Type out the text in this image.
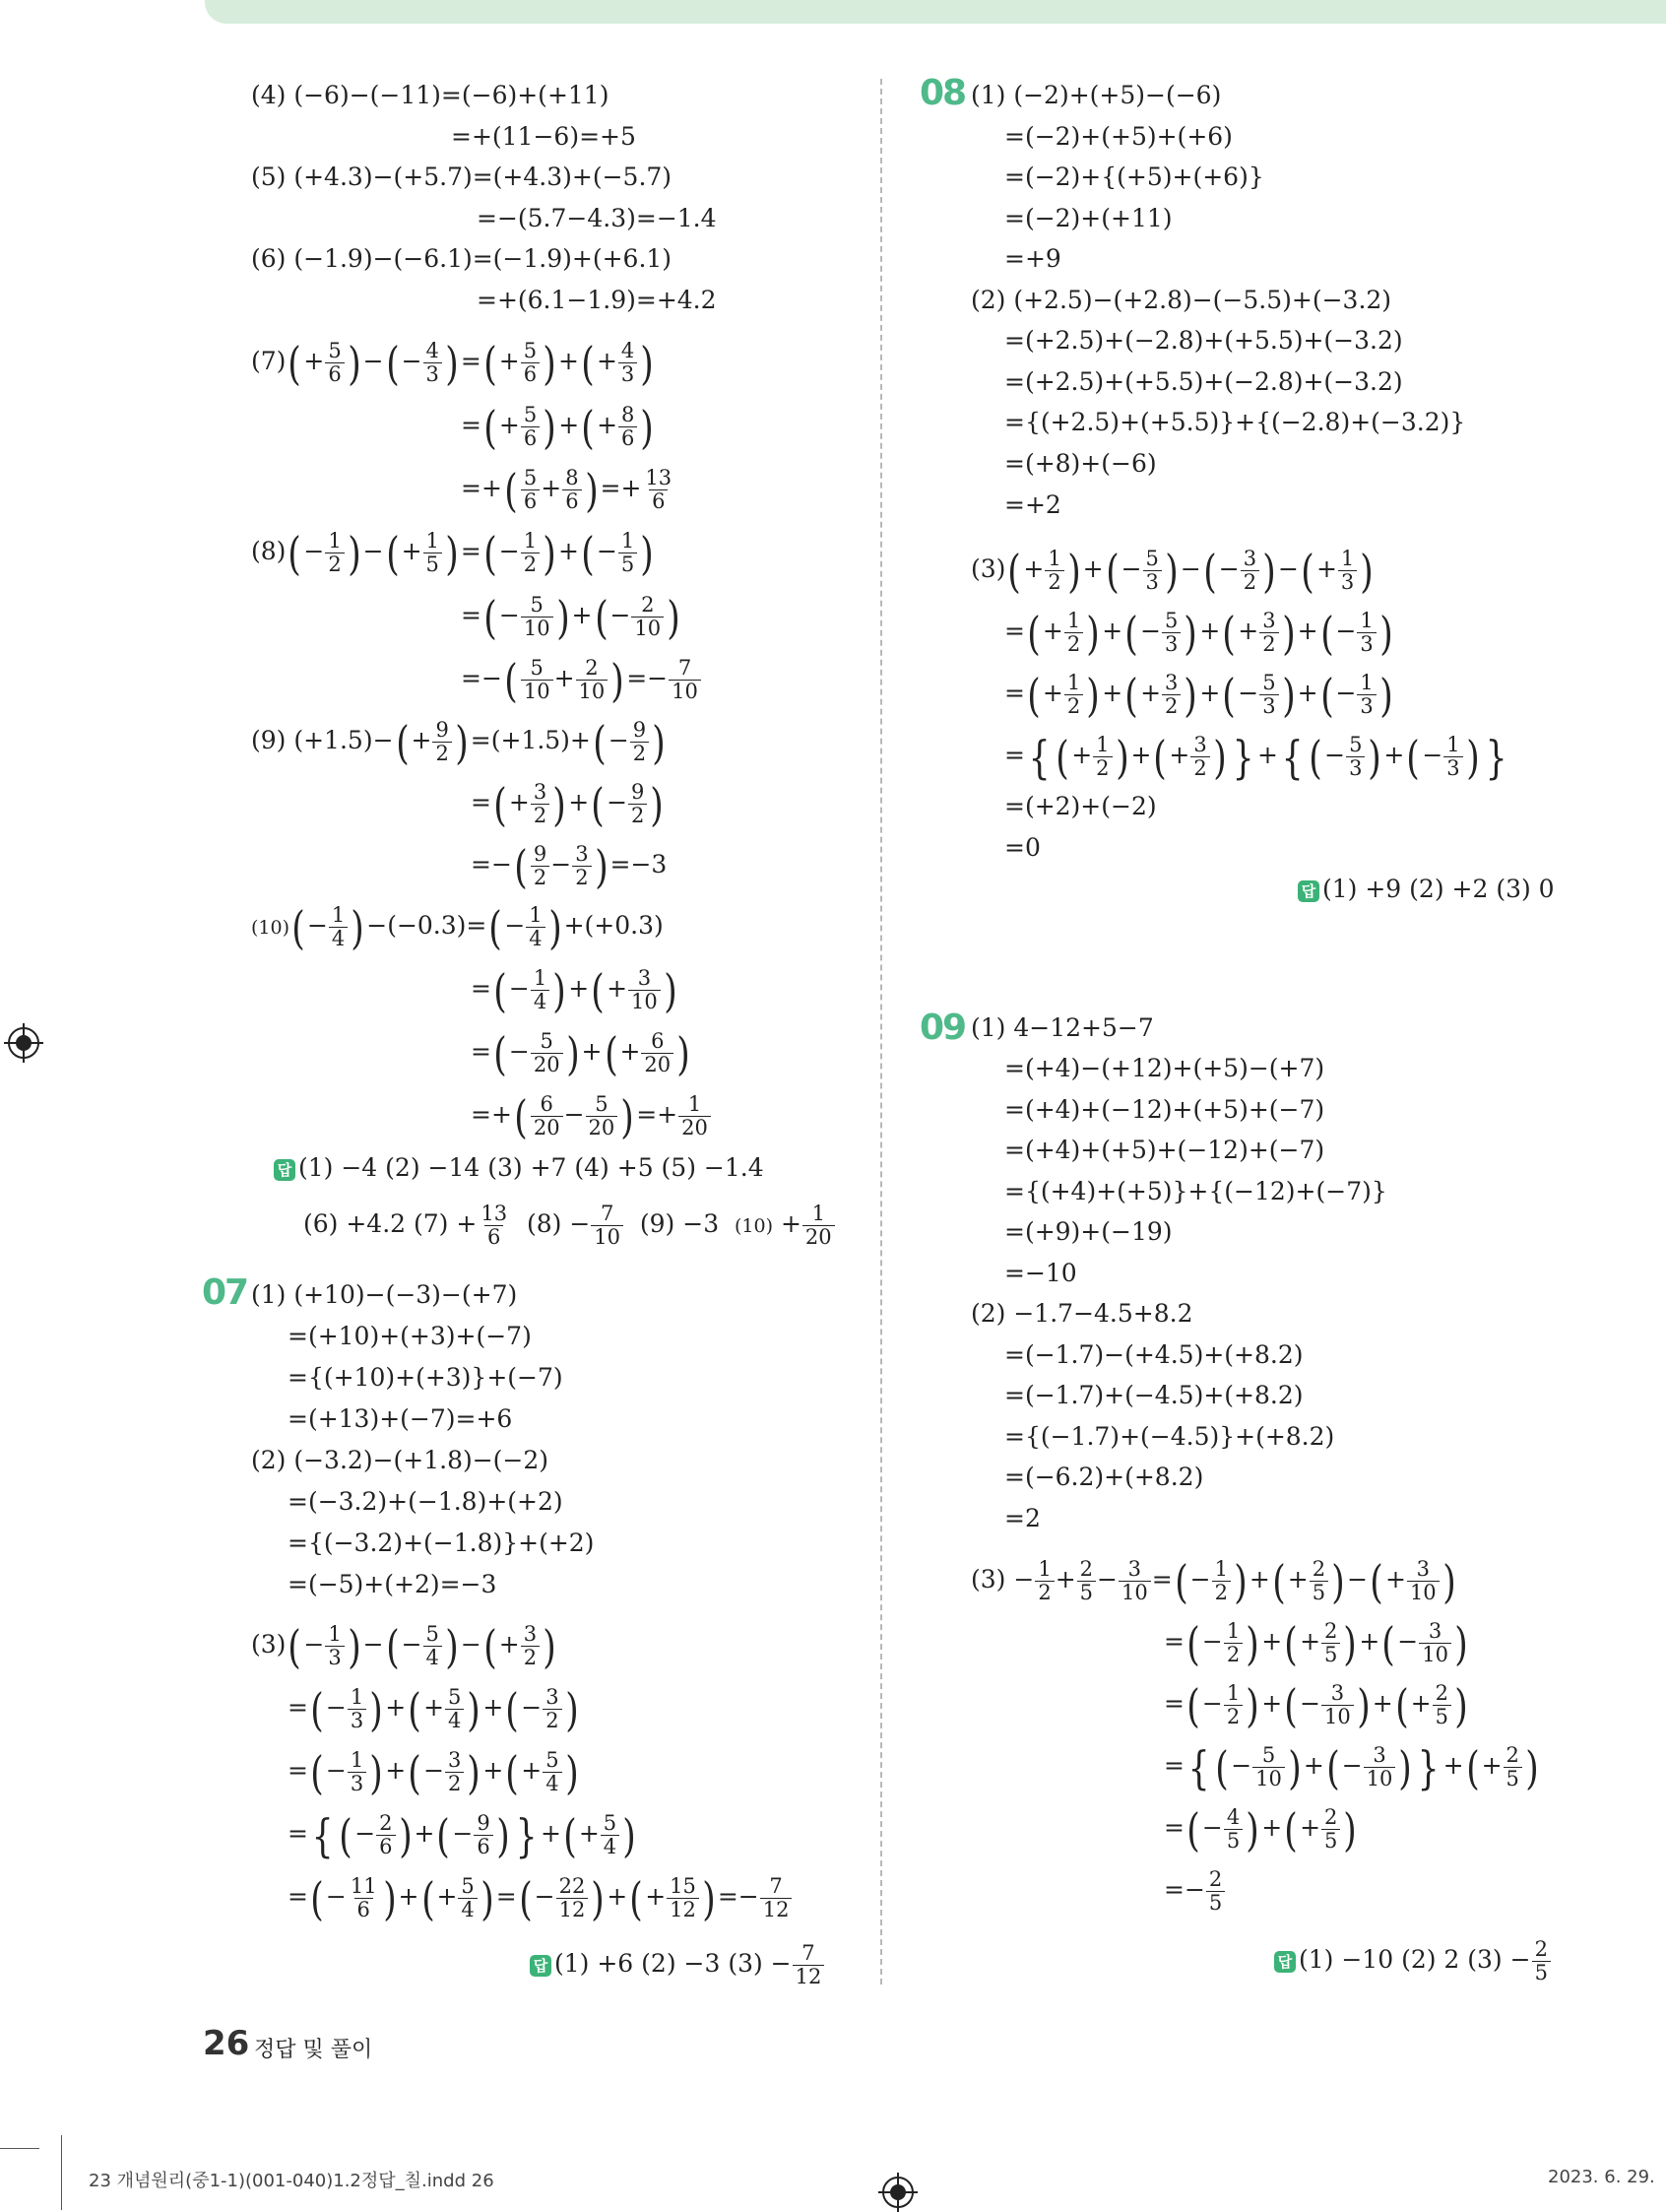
(4) (−6)−(−11)=(−6)+(+11)
=+(11−6)=+5
(5) (+4.3)−(+5.7)=(+4.3)+(−5.7)
=−(5.7−4.3)=−1.4
(6) (−1.9)−(−6.1)=(−1.9)+(+6.1)
=+(6.1−1.9)=+4.2
$(7)(+ \frac{5}{6}$ )−(− $\frac{4}{3}$ )=(+ $\frac{5}{6}$ )+(+ $\frac{4}{3}$ )
=(+ $\frac{5}{6}$ )+(+ $\frac{8}{6}$ )
=+( $\frac{5}{6} + \frac{8}{6}$ )=+ $\frac{13}{6}$
$(8)(- \frac{1}{2}$ )−(+ $\frac{1}{5}$ )=(− $\frac{1}{2}$ )+(− $\frac{1}{5}$ )
=(− $\frac{5}{10}$ )+(− $\frac{2}{10}$ )
=−( $\frac{5}{10} + \frac{2}{10}$ )=− $\frac{7}{10}$
(9) $(+1.5)-(+ \frac{9}{2} )=(+1.5)+(- \frac{9}{2}$ )
=(+ $\frac{3}{2}$ )+(− $\frac{9}{2}$ )
=−( $\frac{9}{2} - \frac{3}{2} )=-3$
$(10)(- \frac{1}{4} )-(-0.3)=(- \frac{1}{4} )+(+0.3)$
=(− $\frac{1}{4}$ )+(+ $\frac{3}{10}$ )
=(− $\frac{5}{20}$ )+(+ $\frac{6}{20}$ )
=+( $\frac{6}{20} - \frac{5}{20}$ )=+ $\frac{1}{20}$
답 (1) −4 (2) −14 (3) +7 (4) +5 (5) −1.4
(6) +4.2 $(7) + \frac{13}{6} (8) - \frac{7}{10} (9) -3$  $(10) + \frac{1}{20}$
07 (1) (+10)−(−3)−(+7)
=(+10)+(+3)+(−7)
={(+10)+(+3)}+(−7)
=(+13)+(−7)=+6
(2) (−3.2)−(+1.8)−(−2)
=(−3.2)+(−1.8)+(+2)
={(−3.2)+(−1.8)}+(+2)
=(−5)+(+2)=−3
$(3)(- \frac{1}{3}$ )−(− $\frac{5}{4}$ )−(+ $\frac{3}{2}$ )
=(− $\frac{1}{3}$ )+(+ $\frac{5}{4}$ )+(− $\frac{3}{2}$ )
=(− $\frac{1}{3}$ )+(− $\frac{3}{2}$ )+(+ $\frac{5}{4}$ )
={ (− $\frac{2}{6}$ )+(− $\frac{9}{6}$ ) } +(+ $\frac{5}{4}$ )
=(− $\frac{11}{6}$ )+(+ $\frac{5}{4}$ )=(− $\frac{22}{12}$ )+(+ $\frac{15}{12}$ )=− $\frac{7}{12}$
답 (1) +6 (2) −3 $(3) - \frac{7}{12}$
08 (1) (−2)+(+5)−(−6)
=(−2)+(+5)+(+6)
=(−2)+{(+5)+(+6)}
=(−2)+(+11)
=+9
(2) (+2.5)−(+2.8)−(−5.5)+(−3.2)
=(+2.5)+(−2.8)+(+5.5)+(−3.2)
=(+2.5)+(+5.5)+(−2.8)+(−3.2)
={(+2.5)+(+5.5)}+{(−2.8)+(−3.2)}
=(+8)+(−6)
=+2
$(3)(+ \frac{1}{2}$ )+(− $\frac{5}{3}$ )−(− $\frac{3}{2}$ )−(+ $\frac{1}{3}$ )
=(+ $\frac{1}{2}$ )+(− $\frac{5}{3}$ )+(+ $\frac{3}{2}$ )+(− $\frac{1}{3}$ )
=(+ $\frac{1}{2}$ )+(+ $\frac{3}{2}$ )+(− $\frac{5}{3}$ )+(− $\frac{1}{3}$ )
={ (+ $\frac{1}{2}$ )+(+ $\frac{3}{2}$ ) } +{ (− $\frac{5}{3}$ )+(− $\frac{1}{3}$ ) }
=(+2)+(−2)
=0
답 (1) +9 (2) +2 (3) 0
09 (1) 4−12+5−7
=(+4)−(+12)+(+5)−(+7)
=(+4)+(−12)+(+5)+(−7)
=(+4)+(+5)+(−12)+(−7)
={(+4)+(+5)}+{(−12)+(−7)}
=(+9)+(−19)
=−10
(2) −1.7−4.5+8.2
=(−1.7)−(+4.5)+(+8.2)
=(−1.7)+(−4.5)+(+8.2)
={(−1.7)+(−4.5)}+(+8.2)
=(−6.2)+(+8.2)
=2
$(3) - \frac{1}{2} + \frac{2}{5} - \frac{3}{10}$ =(− $\frac{1}{2}$ )+(+ $\frac{2}{5}$ )−(+ $\frac{3}{10}$ )
=(− $\frac{1}{2}$ )+(+ $\frac{2}{5}$ )+(− $\frac{3}{10}$ )
=(− $\frac{1}{2}$ )+(− $\frac{3}{10}$ )+(+ $\frac{2}{5}$ )
={ (− $\frac{5}{10}$ )+(− $\frac{3}{10}$ ) } +(+ $\frac{2}{5}$ )
=(− $\frac{4}{5}$ )+(+ $\frac{2}{5}$ )
=− $\frac{2}{5}$
답 (1) −10 (2) 2 $(3) - \frac{2}{5}$
26 정답 및 풀이
23 개념원리(중1-1)(001-040)1.2정답_칠.indd 26	2023. 6. 29.
